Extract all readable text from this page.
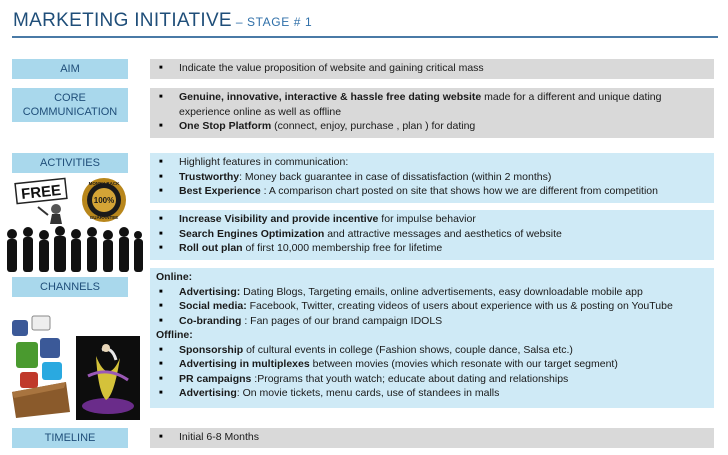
MARKETING INITIATIVE – STAGE # 1
AIM
CORE
COMMUNICATION
ACTIVITIES
CHANNELS
TIMELINE
■ Indicate the value proposition of website and gaining critical mass
■ Genuine, innovative, interactive & hassle free dating website made for a different and unique dating experience online as well as offline
■ One Stop Platform (connect, enjoy, purchase , plan ) for dating
■ Highlight features in communication:
■ Trustworthy: Money back guarantee in case of dissatisfaction (within 2 months)
■ Best Experience : A comparison chart posted on site that shows how we are different from competition
■ Increase Visibility and provide incentive for impulse behavior
■ Search Engines Optimization and attractive messages and aesthetics of website
■ Roll out plan of first 10,000 membership free for lifetime
Online:
■ Advertising: Dating Blogs, Targeting emails, online advertisements, easy downloadable mobile app
■ Social media: Facebook, Twitter, creating videos of users about experience with us & posting on YouTube
■ Co-branding : Fan pages of our brand campaign IDOLS
Offline:
■ Sponsorship of cultural events in college (Fashion shows, couple dance, Salsa etc.)
■ Advertising in multiplexes between movies (movies which resonate with our target segment)
■ PR campaigns :Programs that youth watch; educate about dating and relationships
■ Advertising: On movie tickets, menu cards, use of standees in malls
■ Initial 6-8 Months
FREE	MONEY BACK
100%
GUARANTEE
